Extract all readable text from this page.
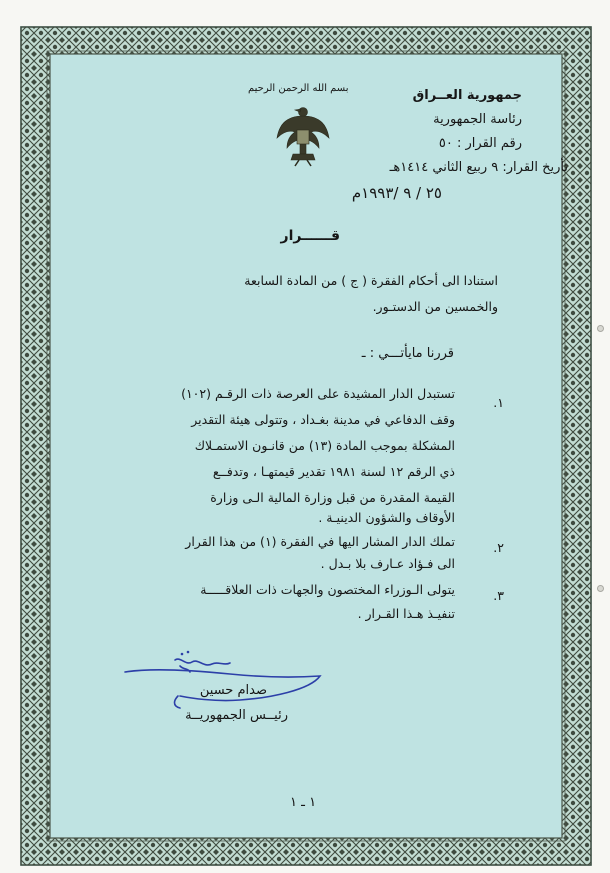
بسم الله الرحمن الرحيم	جمهورية العــراق
رئاسة الجمهورية
رقم القرار : ٥٠
تأريخ القرار: ٩ ربيع الثاني ١٤١٤هـ
٢٥ / ٩ /١٩٩٣م
قــــــرار
استنادا الى أحكام الفقرة ( ج ) من المادة السابعة
والخمسين من الدستـور.
قررنا مايأتـــي : ـ
١.
تستبدل الدار المشيدة على العرصة ذات الرقـم (١٠٢)
وقف الدفاعي في مدينة بغـداد ، وتتولى هيئة التقدير
المشكلة بموجب المادة (١٣) من قانـون الاستمـلاك
ذي الرقم ١٢ لسنة ١٩٨١ تقدير قيمتهـا ، وتدفــع
القيمة المقدرة من قبل وزارة المالية الـى وزارة
الأوقاف والشؤون الدينيـة .
٢.
تملك الدار المشار اليها في الفقرة (١) من هذا القرار
الى فـؤاد عـارف بلا بـدل .
٣.
يتولى الـوزراء المختصون والجهات ذات العلاقـــــة
تنفيـذ هـذا القـرار .
صدام حسين
رئيــس الجمهوريــة
١ ـ ١
